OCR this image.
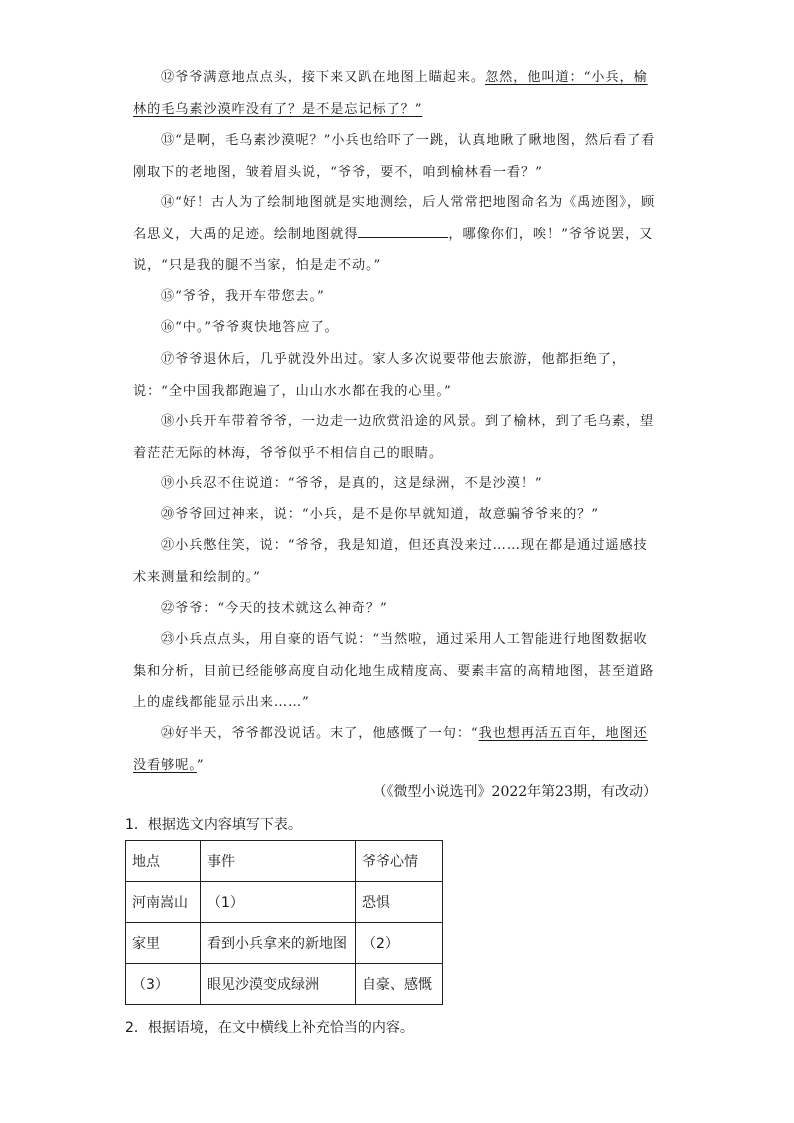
⑫爷爷满意地点点头，接下来又趴在地图上瞄起来。忽然，他叫道：“小兵，榆林的毛乌素沙漠咋没有了？是不是忘记标了？”

⑬“是啊，毛乌素沙漠呢？”小兵也给吓了一跳，认真地瞅了瞅地图，然后看了看刚取下的老地图，皱着眉头说，“爷爷，要不，咱到榆林看一看？”

⑭“好！古人为了绘制地图就是实地测绘，后人常常把地图命名为《禹迹图》，顾名思义，大禹的足迹。绘制地图就得	，哪像你们，唉！”爷爷说罢，又说，“只是我的腿不当家，怕是走不动。”

⑮“爷爷，我开车带您去。”

⑯“中。”爷爷爽快地答应了。

⑰爷爷退休后，几乎就没外出过。家人多次说要带他去旅游，他都拒绝了，说：“全中国我都跑遍了，山山水水都在我的心里。”

⑱小兵开车带着爷爷，一边走一边欣赏沿途的风景。到了榆林，到了毛乌素，望着茫茫无际的林海，爷爷似乎不相信自己的眼睛。

⑲小兵忍不住说道：“爷爷，是真的，这是绿洲，不是沙漠！”

⑳爷爷回过神来，说：“小兵，是不是你早就知道，故意骗爷爷来的？”

㉑小兵憋住笑，说：“爷爷，我是知道，但还真没来过……现在都是通过遥感技术来测量和绘制的。”

㉒爷爷：“今天的技术就这么神奇？”

㉓小兵点点头，用自豪的语气说：“当然啦，通过采用人工智能进行地图数据收集和分析，目前已经能够高度自动化地生成精度高、要素丰富的高精地图，甚至道路上的虚线都能显示出来……”

㉔好半天，爷爷都没说话。末了，他感慨了一句：“我也想再活五百年，地图还没看够呢。”

（《微型小说选刊》2022年第23期，有改动）

1．根据选文内容填写下表。

地点	事件	爷爷心情
河南嵩山	（1）	恐惧
家里	看到小兵拿来的新地图	（2）
（3）	眼见沙漠变成绿洲	自豪、感慨

2．根据语境，在文中横线上补充恰当的内容。
